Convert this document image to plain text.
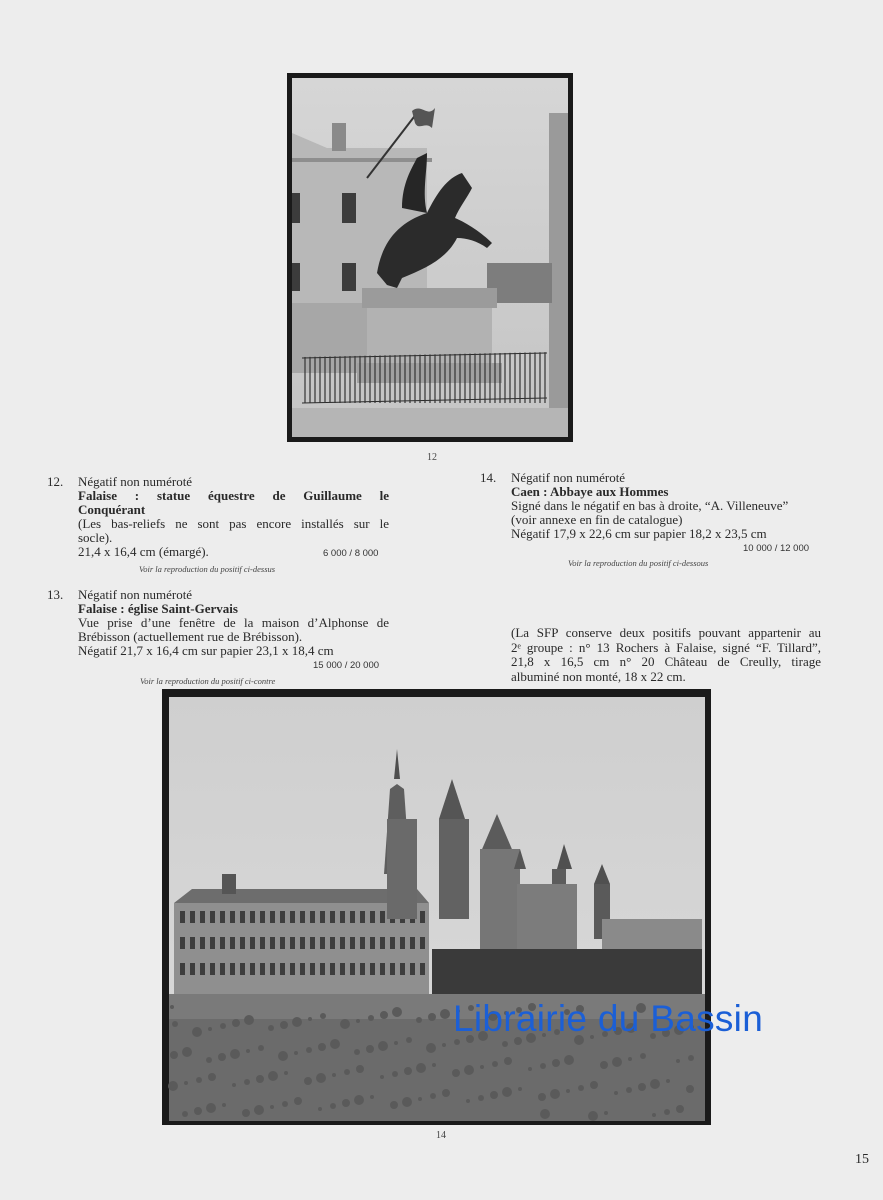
12
12. Négatif non numéroté
Falaise : statue équestre de Guillaume le
Conquérant
(Les bas-reliefs ne sont pas encore installés sur le
socle).
21,4 x 16,4 cm (émargé).	6 000 / 8 000
Voir la reproduction du positif ci-dessus
13. Négatif non numéroté
Falaise : église Saint-Gervais
Vue prise d’une fenêtre de la maison d’Alphonse de
Brébisson (actuellement rue de Brébisson).
Négatif 21,7 x 16,4 cm sur papier 23,1 x 18,4 cm
15 000 / 20 000
Voir la reproduction du positif ci-contre
14. Négatif non numéroté
Caen : Abbaye aux Hommes
Signé dans le négatif en bas à droite, “A. Villeneuve”
(voir annexe en fin de catalogue)
Négatif 17,9 x 22,6 cm sur papier 18,2 x 23,5 cm
10 000 / 12 000
Voir la reproduction du positif ci-dessous
(La SFP conserve deux positifs pouvant appartenir au
2ᵉ groupe : n° 13 Rochers à Falaise, signé “F. Tillard”,
21,8 x 16,5 cm n° 20 Château de Creully, tirage
albuminé non monté, 18 x 22 cm.
14
Librairie du Bassin
15
